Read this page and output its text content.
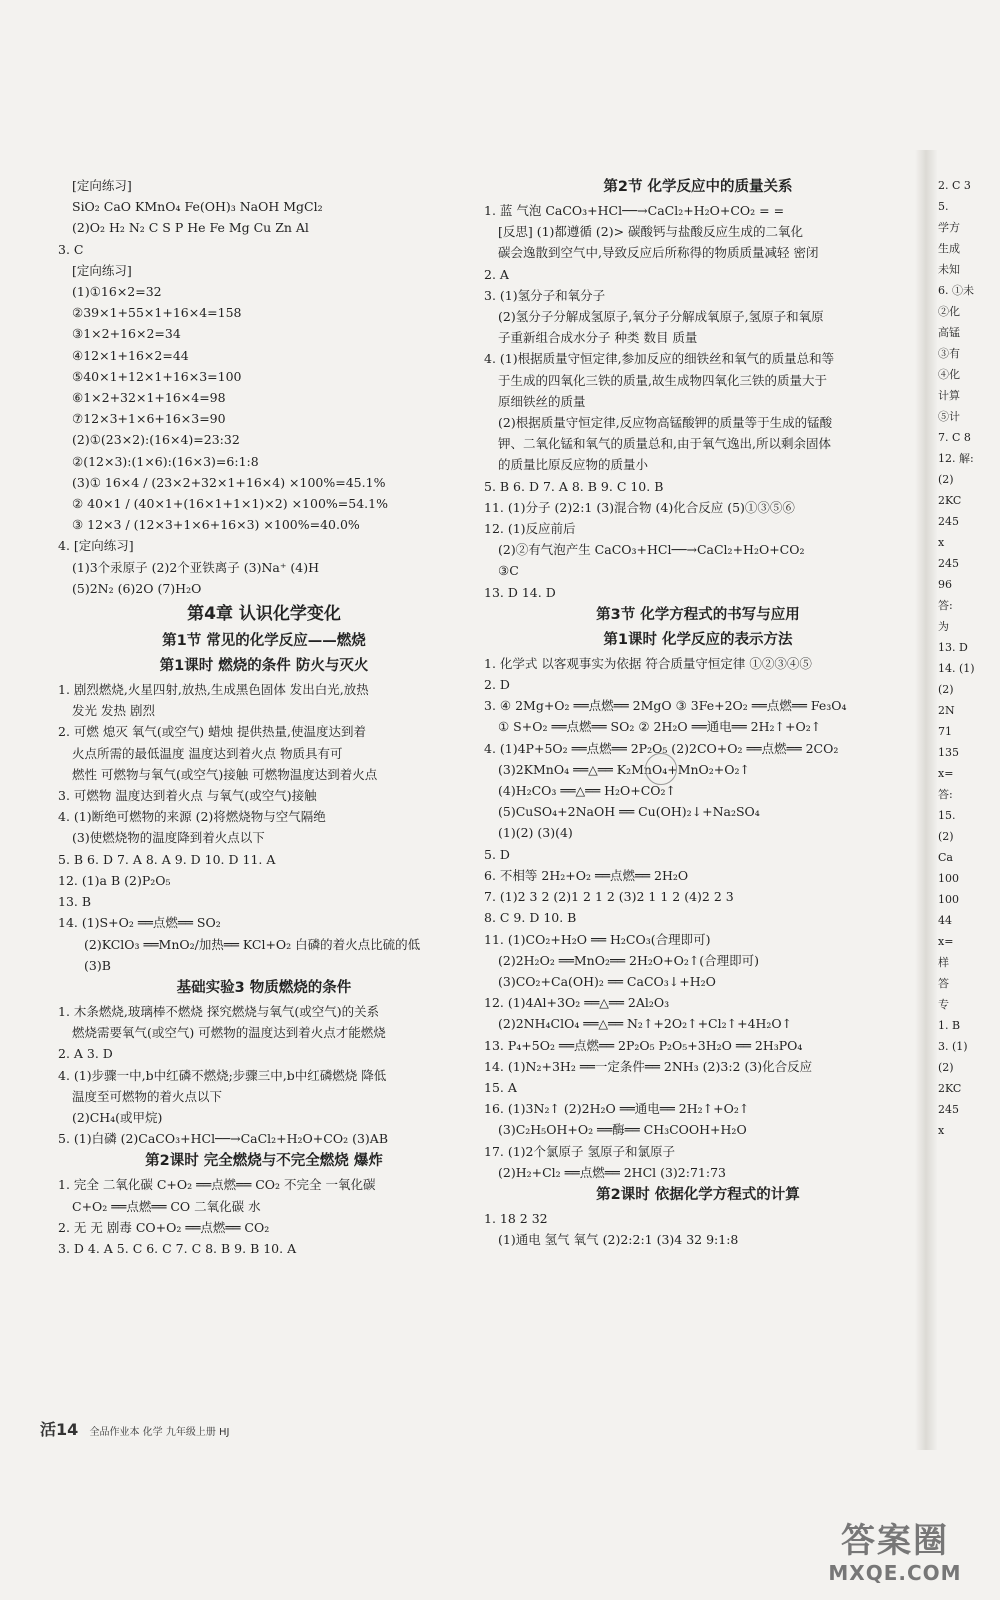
[定向练习]
SiO₂ CaO KMnO₄ Fe(OH)₃ NaOH MgCl₂
(2)O₂ H₂ N₂ C S P He Fe Mg Cu Zn Al
3. C
[定向练习]
(1)①16×2=32
②39×1+55×1+16×4=158
③1×2+16×2=34
④12×1+16×2=44
⑤40×1+12×1+16×3=100
⑥1×2+32×1+16×4=98
⑦12×3+1×6+16×3=90
(2)①(23×2):(16×4)=23:32
②(12×3):(1×6):(16×3)=6:1:8
(3)① 16×4 / (23×2+32×1+16×4) ×100%=45.1%
② 40×1 / (40×1+(16×1+1×1)×2) ×100%=54.1%
③ 12×3 / (12×3+1×6+16×3) ×100%=40.0%
4. [定向练习]
(1)3个汞原子 (2)2个亚铁离子 (3)Na⁺ (4)H
(5)2N₂ (6)2O (7)H₂O
第4章 认识化学变化
第1节 常见的化学反应——燃烧
第1课时 燃烧的条件 防火与灭火
1. 剧烈燃烧,火星四射,放热,生成黑色固体 发出白光,放热
发光 发热 剧烈
2. 可燃 熄灭 氧气(或空气) 蜡烛 提供热量,使温度达到着
火点所需的最低温度 温度达到着火点 物质具有可
燃性 可燃物与氧气(或空气)接触 可燃物温度达到着火点
3. 可燃物 温度达到着火点 与氧气(或空气)接触
4. (1)断绝可燃物的来源 (2)将燃烧物与空气隔绝
(3)使燃烧物的温度降到着火点以下
5. B 6. D 7. A 8. A 9. D 10. D 11. A
12. (1)a B (2)P₂O₅
13. B
14. (1)S+O₂ ══点燃══ SO₂
(2)KClO₃ ══MnO₂/加热══ KCl+O₂ 白磷的着火点比硫的低
(3)B
基础实验3 物质燃烧的条件
1. 木条燃烧,玻璃棒不燃烧 探究燃烧与氧气(或空气)的关系
燃烧需要氧气(或空气) 可燃物的温度达到着火点才能燃烧
2. A 3. D
4. (1)步骤一中,b中红磷不燃烧;步骤三中,b中红磷燃烧 降低
温度至可燃物的着火点以下
(2)CH₄(或甲烷)
5. (1)白磷 (2)CaCO₃+HCl──→CaCl₂+H₂O+CO₂ (3)AB
第2课时 完全燃烧与不完全燃烧 爆炸
1. 完全 二氧化碳 C+O₂ ══点燃══ CO₂ 不完全 一氧化碳
C+O₂ ══点燃══ CO 二氧化碳 水
2. 无 无 剧毒 CO+O₂ ══点燃══ CO₂
3. D 4. A 5. C 6. C 7. C 8. B 9. B 10. A
第2节 化学反应中的质量关系
1. 蓝 气泡 CaCO₃+HCl──→CaCl₂+H₂O+CO₂ = =
[反思] (1)都遵循 (2)> 碳酸钙与盐酸反应生成的二氧化
碳会逸散到空气中,导致反应后所称得的物质质量减轻 密闭
2. A
3. (1)氢分子和氧分子
(2)氢分子分解成氢原子,氧分子分解成氧原子,氢原子和氧原
子重新组合成水分子 种类 数目 质量
4. (1)根据质量守恒定律,参加反应的细铁丝和氧气的质量总和等
于生成的四氧化三铁的质量,故生成物四氧化三铁的质量大于
原细铁丝的质量
(2)根据质量守恒定律,反应物高锰酸钾的质量等于生成的锰酸
钾、二氧化锰和氧气的质量总和,由于氧气逸出,所以剩余固体
的质量比原反应物的质量小
5. B 6. D 7. A 8. B 9. C 10. B
11. (1)分子 (2)2:1 (3)混合物 (4)化合反应 (5)①③⑤⑥
12. (1)反应前后
(2)②有气泡产生 CaCO₃+HCl──→CaCl₂+H₂O+CO₂
③C
13. D 14. D
第3节 化学方程式的书写与应用
第1课时 化学反应的表示方法
1. 化学式 以客观事实为依据 符合质量守恒定律 ①②③④⑤
2. D
3. ④ 2Mg+O₂ ══点燃══ 2MgO ③ 3Fe+2O₂ ══点燃══ Fe₃O₄
① S+O₂ ══点燃══ SO₂ ② 2H₂O ══通电══ 2H₂↑+O₂↑
4. (1)4P+5O₂ ══点燃══ 2P₂O₅ (2)2CO+O₂ ══点燃══ 2CO₂
(3)2KMnO₄ ══△══ K₂MnO₄+MnO₂+O₂↑
(4)H₂CO₃ ══△══ H₂O+CO₂↑
(5)CuSO₄+2NaOH ══ Cu(OH)₂↓+Na₂SO₄
(1)(2) (3)(4)
5. D
6. 不相等 2H₂+O₂ ══点燃══ 2H₂O
7. (1)2 3 2 (2)1 2 1 2 (3)2 1 1 2 (4)2 2 3
8. C 9. D 10. B
11. (1)CO₂+H₂O ══ H₂CO₃(合理即可)
(2)2H₂O₂ ══MnO₂══ 2H₂O+O₂↑(合理即可)
(3)CO₂+Ca(OH)₂ ══ CaCO₃↓+H₂O
12. (1)4Al+3O₂ ══△══ 2Al₂O₃
(2)2NH₄ClO₄ ══△══ N₂↑+2O₂↑+Cl₂↑+4H₂O↑
13. P₄+5O₂ ══点燃══ 2P₂O₅ P₂O₅+3H₂O ══ 2H₃PO₄
14. (1)N₂+3H₂ ══一定条件══ 2NH₃ (2)3:2 (3)化合反应
15. A
16. (1)3N₂↑ (2)2H₂O ══通电══ 2H₂↑+O₂↑
(3)C₂H₅OH+O₂ ══酶══ CH₃COOH+H₂O
17. (1)2个氯原子 氢原子和氯原子
(2)H₂+Cl₂ ══点燃══ 2HCl (3)2:71:73
第2课时 依据化学方程式的计算
1. 18 2 32
(1)通电 氢气 氧气 (2)2:2:1 (3)4 32 9:1:8
2. C 3
5.
学方
生成
未知
6. ①未
②化
高锰
③有
④化
计算
⑤计
7. C 8
12. 解:
(2)
2KC
245
x
245
96
答:
为
13. D
14. (1)
(2)
2N
71
135
x=
答:
15.
(2)
Ca
100
100
44
x=
样
答
专
1. B
3. (1)
(2)
2KC
245
x
活14 全品作业本 化学 九年级上册 HJ
答案圈
MXQE.COM
